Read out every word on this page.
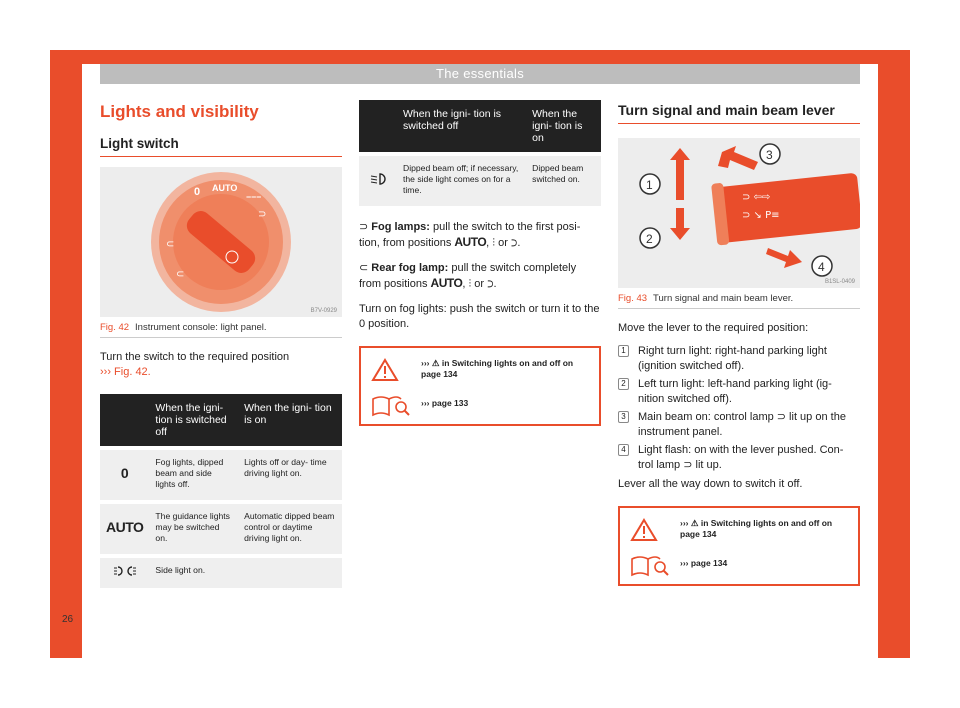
The essentials
Lights and visibility
Light switch
0 AUTO
⩶
⊃
⊂
⊂
B7V-0929
Fig. 42 Instrument console: light panel.

Turn the switch to the required position
››› Fig. 42.

	When the igni- tion is switched off	When the igni- tion is on
0	Fog lights, dipped beam and side lights off.	Lights off or day- time driving light on.
AUTO	The guidance lights may be switched on.	Automatic dipped beam control or daytime driving light on.
	Side light on.	
	When the igni- tion is switched off	When the igni- tion is on
	Dipped beam off; if necessary, the side light comes on for a time.	Dipped beam switched on.

⊃ Fog lamps: pull the switch to the first posi- tion, from positions AUTO, ⫶ or ⊃.

⊂ Rear fog lamp: pull the switch completely from positions AUTO, ⫶ or ⊃.

Turn on fog lights: push the switch or turn it to the 0 position.

››› ⚠ in Switching lights on and off on page 134
››› page 133
Turn signal and main beam lever
⊃ ⇦⇨
⊃ ↘ P≡
1
2
3
4
B1SL-0409
Fig. 43 Turn signal and main beam lever.

Move the lever to the required position:

1 Right turn light: right-hand parking light (ignition switched off).
2 Left turn light: left-hand parking light (ig- nition switched off).
3 Main beam on: control lamp ⊃ lit up on the instrument panel.
4 Light flash: on with the lever pushed. Con- trol lamp ⊃ lit up.

Lever all the way down to switch it off.

››› ⚠ in Switching lights on and off on page 134
››› page 134
26
